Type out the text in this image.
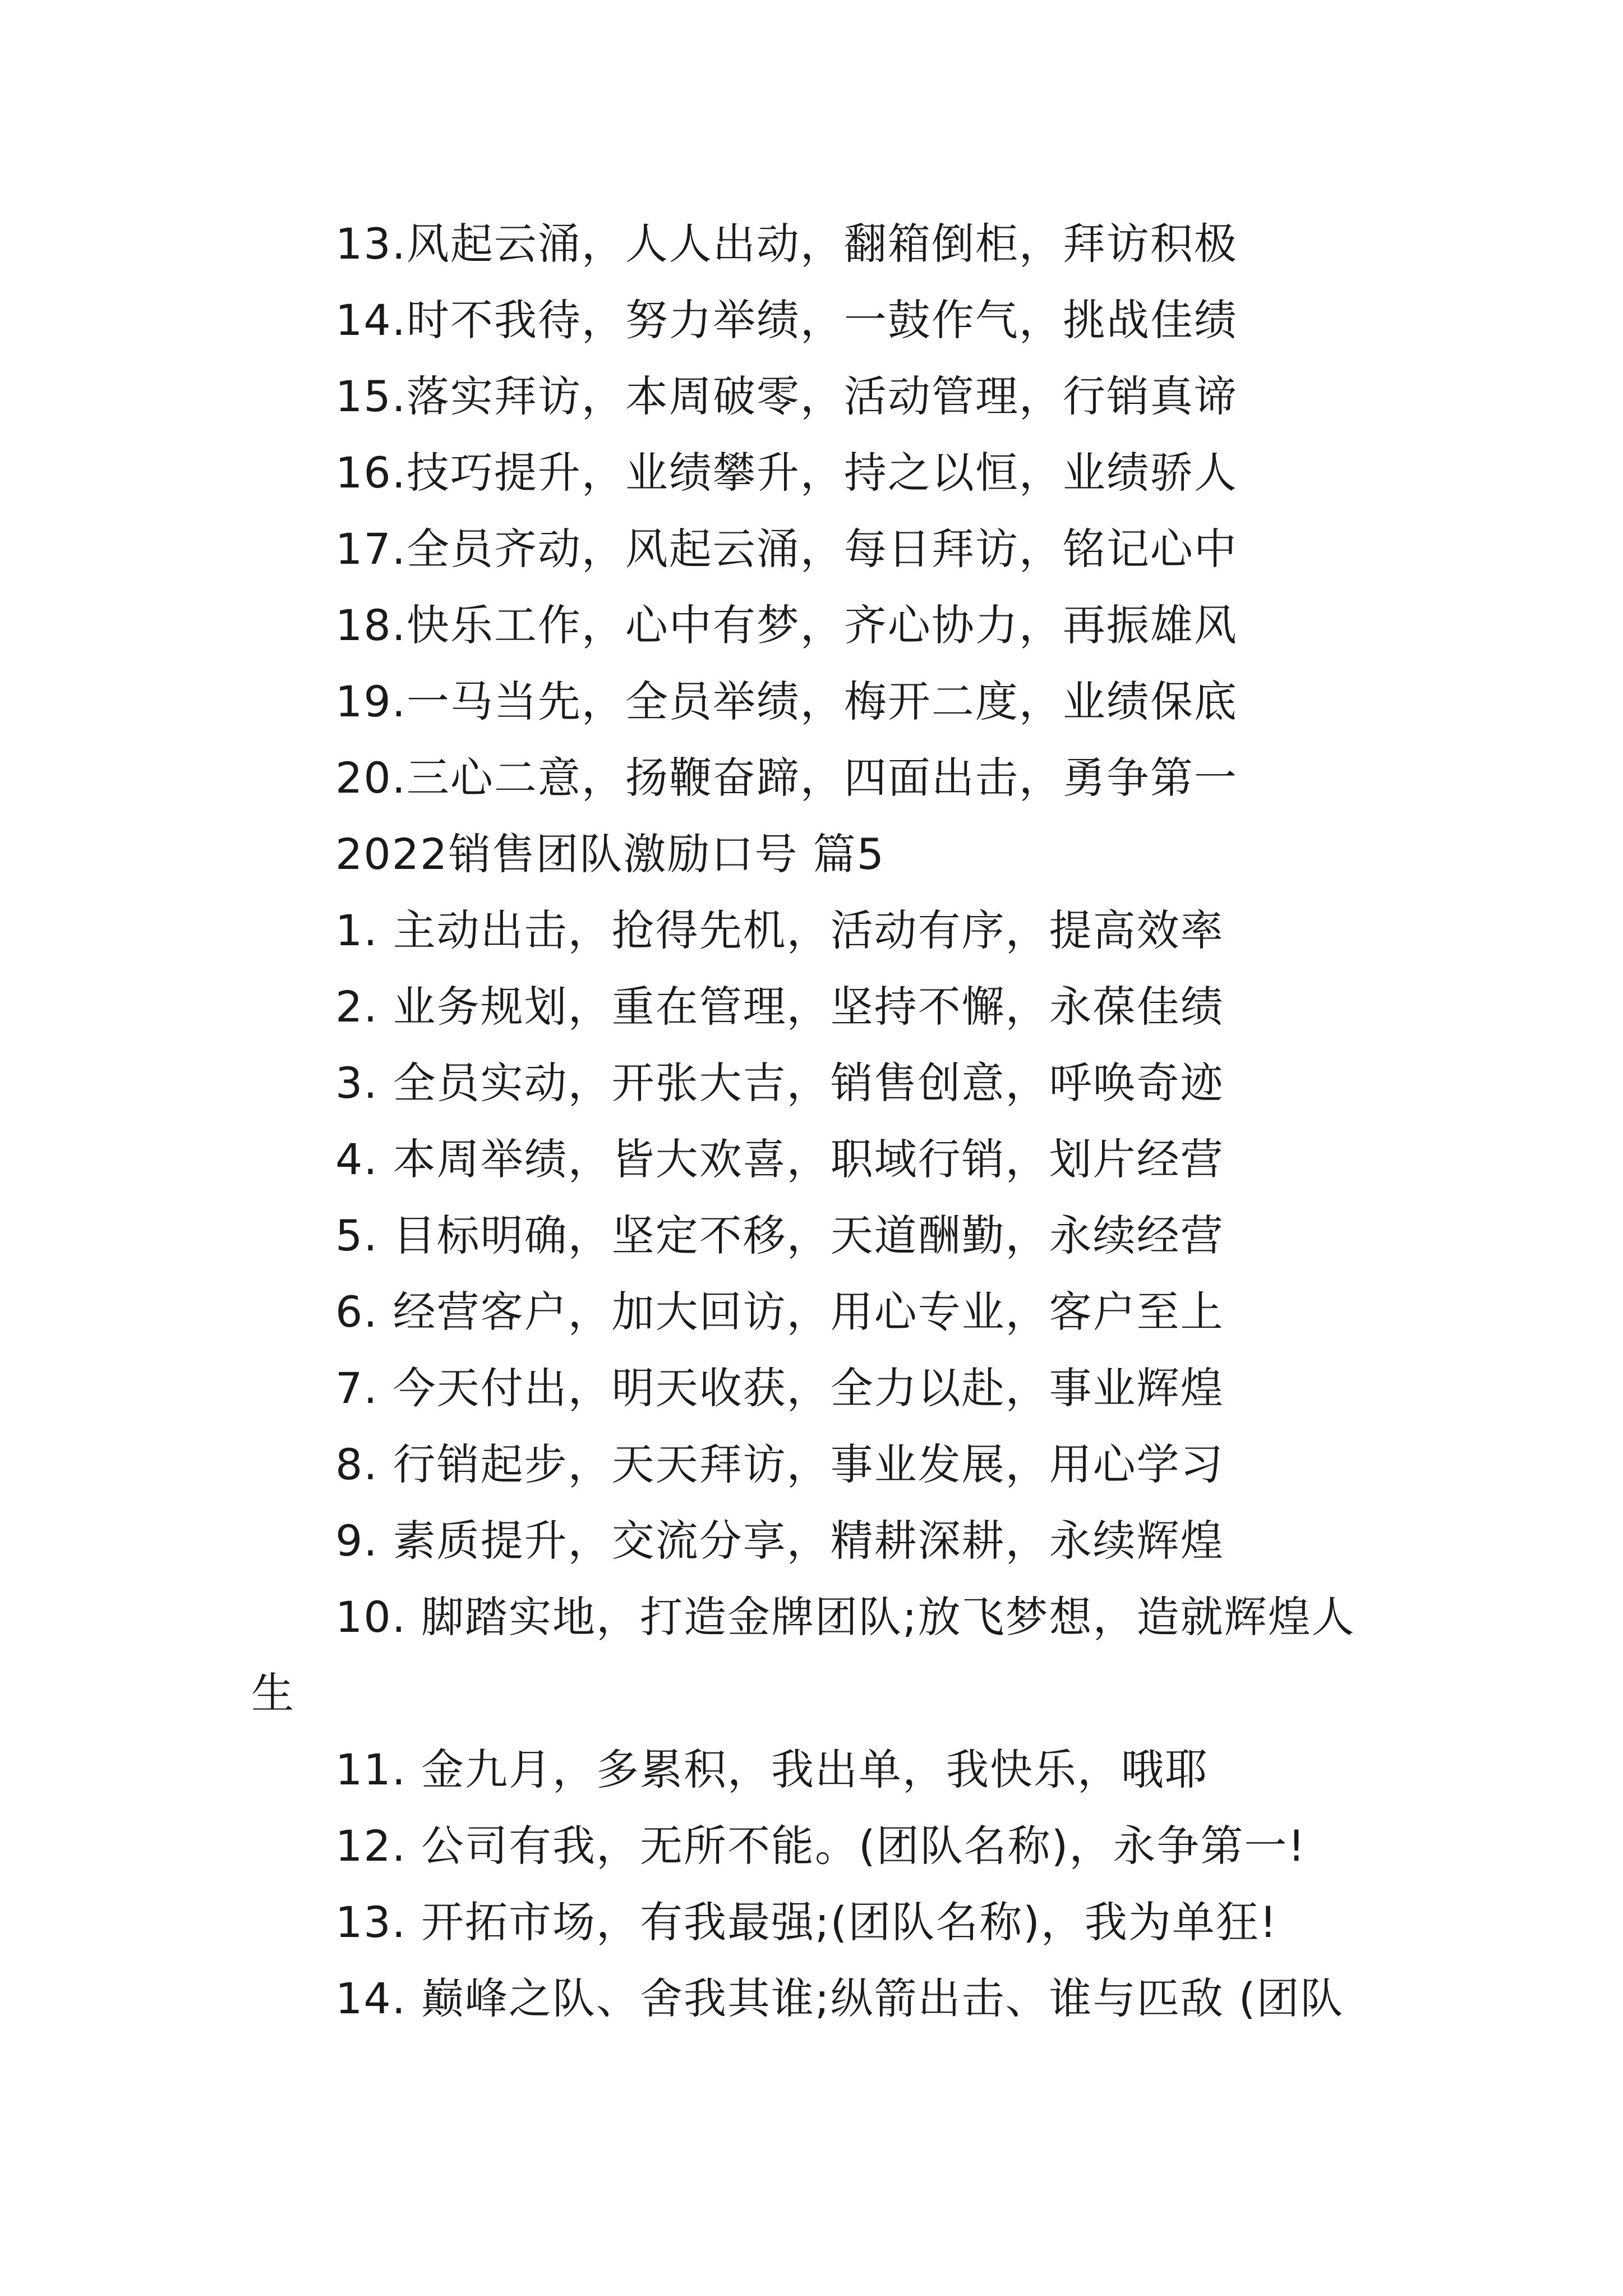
13.风起云涌，人人出动，翻箱倒柜，拜访积极
14.时不我待，努力举绩，一鼓作气，挑战佳绩
15.落实拜访，本周破零，活动管理，行销真谛
16.技巧提升，业绩攀升，持之以恒，业绩骄人
17.全员齐动，风起云涌，每日拜访，铭记心中
18.快乐工作，心中有梦，齐心协力，再振雄风
19.一马当先，全员举绩，梅开二度，业绩保底
20.三心二意，扬鞭奋蹄，四面出击，勇争第一
2022销售团队激励口号 篇5
1. 主动出击，抢得先机，活动有序，提高效率
2. 业务规划，重在管理，坚持不懈，永葆佳绩
3. 全员实动，开张大吉，销售创意，呼唤奇迹
4. 本周举绩，皆大欢喜，职域行销，划片经营
5. 目标明确，坚定不移，天道酬勤，永续经营
6. 经营客户，加大回访，用心专业，客户至上
7. 今天付出，明天收获，全力以赴，事业辉煌
8. 行销起步，天天拜访，事业发展，用心学习
9. 素质提升，交流分享，精耕深耕，永续辉煌
10. 脚踏实地，打造金牌团队;放飞梦想，造就辉煌人
生
11. 金九月，多累积，我出单，我快乐，哦耶
12. 公司有我，无所不能。(团队名称)，永争第一!
13. 开拓市场，有我最强;(团队名称)，我为单狂!
14. 巅峰之队、舍我其谁;纵箭出击、谁与匹敌 (团队
